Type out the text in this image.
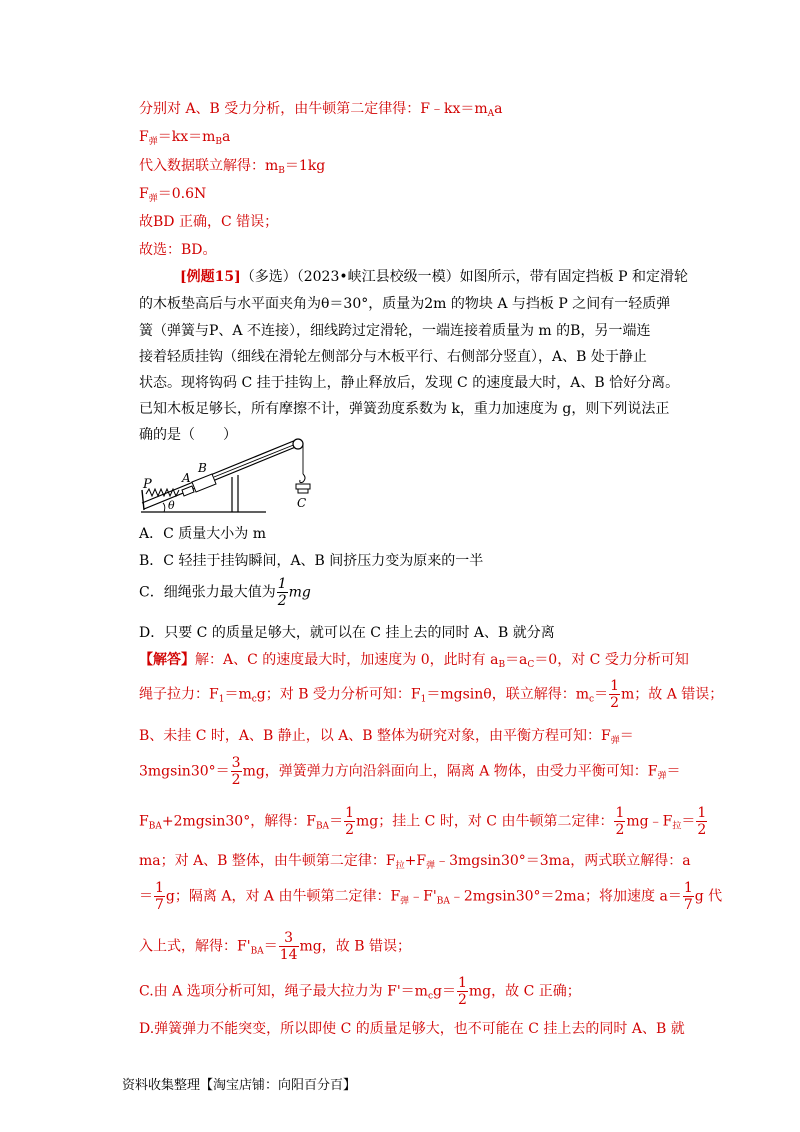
分别对 A、B 受力分析，由牛顿第二定律得：$F﹣kx=m_Aa$
$F_弹=kx=m_Ba$
代入数据联立解得：$m_B=1kg$
$F_弹=0.6N$
故BD 正确，C 错误；
故选：BD。
[例题15]（多选）（2023•峡江县校级一模）如图所示，带有固定挡板 P 和定滑轮
的木板垫高后与水平面夹角为θ＝30°，质量为2m 的物块 A 与挡板 P 之间有一轻质弹
簧（弹簧与P、A 不连接），细线跨过定滑轮，一端连接着质量为 m 的B，另一端连
接着轻质挂钩（细线在滑轮左侧部分与木板平行、右侧部分竖直），A、B 处于静止
状态。现将钩码 C 挂于挂钩上，静止释放后，发现 C 的速度最大时，A、B 恰好分离。
已知木板足够长，所有摩擦不计，弹簧劲度系数为 k，重力加速度为 g，则下列说法正
确的是（　　）
P	A
B
θ	C
A．C 质量大小为 m
B．C 轻挂于挂钩瞬间，A、B 间挤压力变为原来的一半
C．细绳张力最大值为 $\frac{1}{2}$ mg
D．只要 C 的质量足够大，就可以在 C 挂上去的同时 A、B 就分离
【解答】解：A、C 的速度最大时，加速度为 0，此时有 $a_B=a_C=0$，对 C 受力分析可知
绳子拉力：$F_1=m_cg$；对 B 受力分析可知：$F_1=mgsin\theta$，联立解得：$m_c= \frac{1}{2}$ m；故 A 错误；
B、未挂 C 时，A、B 静止，以 A、B 整体为研究对象，由平衡方程可知：$F_弹=$
$3mgsin30^\circ= \frac{3}{2}$ mg，弹簧弹力方向沿斜面向上，隔离 A 物体，由受力平衡可知：$F_弹=$
$F_{BA}+2mgsin30^\circ$，解得：$F_{BA}= \frac{1}{2}$ mg；挂上 C 时，对 C 由牛顿第二定律： $\frac{1}{2}$ $mg﹣F_拉= \frac{1}{2}$
ma；对 A、B 整体，由牛顿第二定律：$F_拉+F_弹﹣3mgsin30^\circ=3ma$，两式联立解得：a
＝ $\frac{1}{7}$ g；隔离 A，对 A 由牛顿第二定律：$F_弹﹣F'_{BA}﹣2mgsin30^\circ=2ma$；将加速度 $a= \frac{1}{7}$ g 代
入上式，解得：$F'_{BA}= \frac{3}{14}$ mg，故 B 错误；
C.由 A 选项分析可知，绳子最大拉力为 $F'=m_cg= \frac{1}{2}$ mg，故 C 正确；
D.弹簧弹力不能突变，所以即使 C 的质量足够大，也不可能在 C 挂上去的同时 A、B 就
资料收集整理【淘宝店铺：向阳百分百】
